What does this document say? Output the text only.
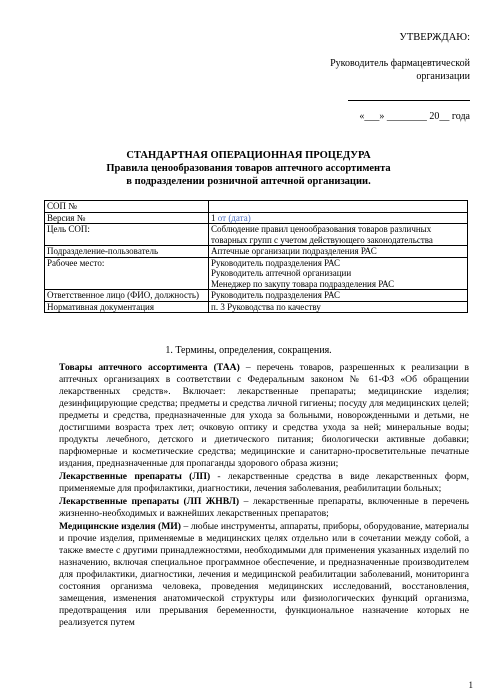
УТВЕРЖДАЮ:
Руководитель фармацевтической организации
«___» ________ 20__ года
СТАНДАРТНАЯ ОПЕРАЦИОННАЯ ПРОЦЕДУРА
Правила ценообразования товаров аптечного ассортимента
в подразделении розничной аптечной организации.
СОП №	
Версия №	1 от (дата)
Цель СОП:	Соблюдение правил ценообразования товаров различных товарных групп с учетом действующего законодательства
Подразделение-пользователь	Аптечные организации подразделения РАС
Рабочее место:	Руководитель подразделения РАС
Руководитель аптечной организации
Менеджер по закупу товара подразделения РАС
Ответственное лицо (ФИО, должность)	Руководитель подразделения РАС
Нормативная документация	п. 3 Руководства по качеству
1. Термины, определения, сокращения.

Товары аптечного ассортимента (ТАА) – перечень товаров, разрешенных к реализации в аптечных организациях в соответствии с Федеральным законом № 61-ФЗ «Об обращении лекарственных средств». Включает: лекарственные препараты; медицинские изделия; дезинфицирующие средства; предметы и средства личной гигиены; посуду для медицинских целей; предметы и средства, предназначенные для ухода за больными, новорожденными и детьми, не достигшими возраста трех лет; очковую оптику и средства ухода за ней; минеральные воды; продукты лечебного, детского и диетического питания; биологически активные добавки; парфюмерные и косметические средства; медицинские и санитарно-просветительные печатные издания, предназначенные для пропаганды здорового образа жизни;

Лекарственные препараты (ЛП) - лекарственные средства в виде лекарственных форм, применяемые для профилактики, диагностики, лечения заболевания, реабилитации больных;

Лекарственные препараты (ЛП ЖНВЛ) – лекарственные препараты, включенные в перечень жизненно-необходимых и важнейших лекарственных препаратов;

Медицинские изделия (МИ) – любые инструменты, аппараты, приборы, оборудование, материалы и прочие изделия, применяемые в медицинских целях отдельно или в сочетании между собой, а также вместе с другими принадлежностями, необходимыми для применения указанных изделий по назначению, включая специальное программное обеспечение, и предназначенные производителем для профилактики, диагностики, лечения и медицинской реабилитации заболеваний, мониторинга состояния организма человека, проведения медицинских исследований, восстановления, замещения, изменения анатомической структуры или физиологических функций организма, предотвращения или прерывания беременности, функциональное назначение которых не реализуется путем

1
